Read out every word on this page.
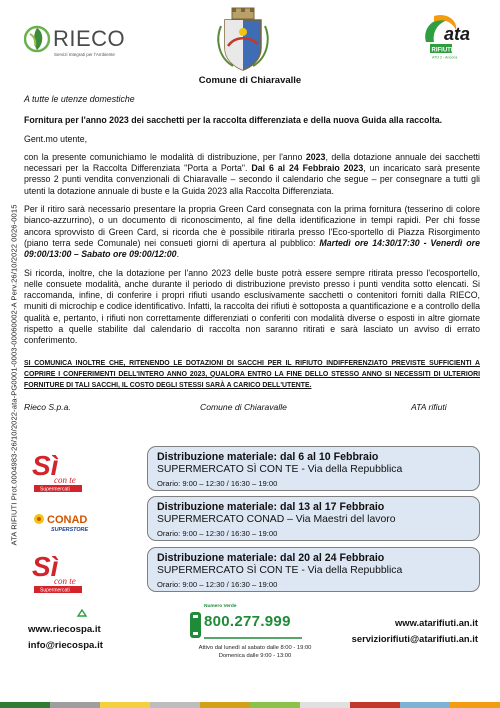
ATA RIFIUTI Prot.0004983-26/10/2022-ata-PG0001-0003-00060002-A Perv.26/10/2022 0026-0015
RIECO
Servizi Integrati per l'Ambiente
Comune di Chiaravalle
RIFIUTI
ATO 2 - Ancona
ata
A tutte le utenze domestiche
Fornitura per l'anno 2023 dei sacchetti per la raccolta differenziata e della nuova Guida alla raccolta.
Gent.mo utente,
con la presente comunichiamo le modalità di distribuzione, per l'anno 2023, della dotazione annuale dei sacchetti necessari per la Raccolta Differenziata "Porta a Porta". Dal 6 al 24 Febbraio 2023, un incaricato sarà presente presso 2 punti vendita convenzionali di Chiaravalle – secondo il calendario che segue – per consegnare a tutti gli utenti la dotazione annuale di buste e la Guida 2023 alla Raccolta Differenziata.
Per il ritiro sarà necessario presentare la propria Green Card consegnata con la prima fornitura (tesserino di colore bianco-azzurrino), o un documento di riconoscimento, al fine della identificazione in tempi rapidi. Per chi fosse ancora sprovvisto di Green Card, si ricorda che è possibile ritirarla presso l'Eco-sportello di Piazza Risorgimento (piano terra sede Comunale) nei consueti giorni di apertura al pubblico: Martedì ore 14:30/17:30 - Venerdì ore 09:00/13:00 – Sabato ore 09:00/12:00.
Si ricorda, inoltre, che la dotazione per l'anno 2023 delle buste potrà essere sempre ritirata presso l'ecosportello, nelle consuete modalità, anche durante il periodo di distribuzione previsto presso i punti vendita sotto elencati. Si raccomanda, infine, di conferire i propri rifiuti usando esclusivamente sacchetti o contenitori forniti dalla RIECO, muniti di microchip e codice identificativo. Infatti, la raccolta dei rifiuti è sottoposta a quantificazione e a controllo della qualità e, pertanto, i rifiuti non correttamente differenziati o conferiti con modalità diverse o esposti in altre giornate rispetto a quelle stabilite dal calendario di raccolta non saranno ritirati e sarà lasciato un avviso di errato conferimento.
SI COMUNICA INOLTRE CHE, RITENENDO LE DOTAZIONI DI SACCHI PER IL RIFIUTO INDIFFERENZIATO PREVISTE SUFFICIENTI A COPRIRE I CONFERIMENTI DELL'INTERO ANNO 2023, QUALORA ENTRO LA FINE DELLO STESSO ANNO SI NECESSITI DI ULTERIORI FORNITURE DI TALI SACCHI, IL COSTO DEGLI STESSI SARÀ A CARICO DELL'UTENTE.
Rieco S.p.a.	Comune di Chiaravalle	ATA rifiuti
Sì
con te
Supermercati
Distribuzione materiale: dal 6 al 10 Febbraio
SUPERMERCATO SÌ CON TE - Via della Repubblica
Orario: 9:00 – 12:30 / 16:30 – 19:00
CONAD
SUPERSTORE
Distribuzione materiale: dal 13 al 17 Febbraio
SUPERMERCATO CONAD – Via Maestri del lavoro
Orario: 9:00 – 12:30 / 16:30 – 19:00
Sì
con te
Supermercati
Distribuzione materiale: dal 20 al 24 Febbraio
SUPERMERCATO SÌ CON TE - Via della Repubblica
Orario: 9:00 – 12:30 / 16:30 – 19:00
www.riecospa.it
info@riecospa.it
Numero Verde
800.277.999
Attivo dal lunedì al sabato dalle 8:00 - 19:00
Domenica dalle 9:00 - 13:00
www.atarifiuti.an.it
serviziorifiuti@atarifiuti.an.it
